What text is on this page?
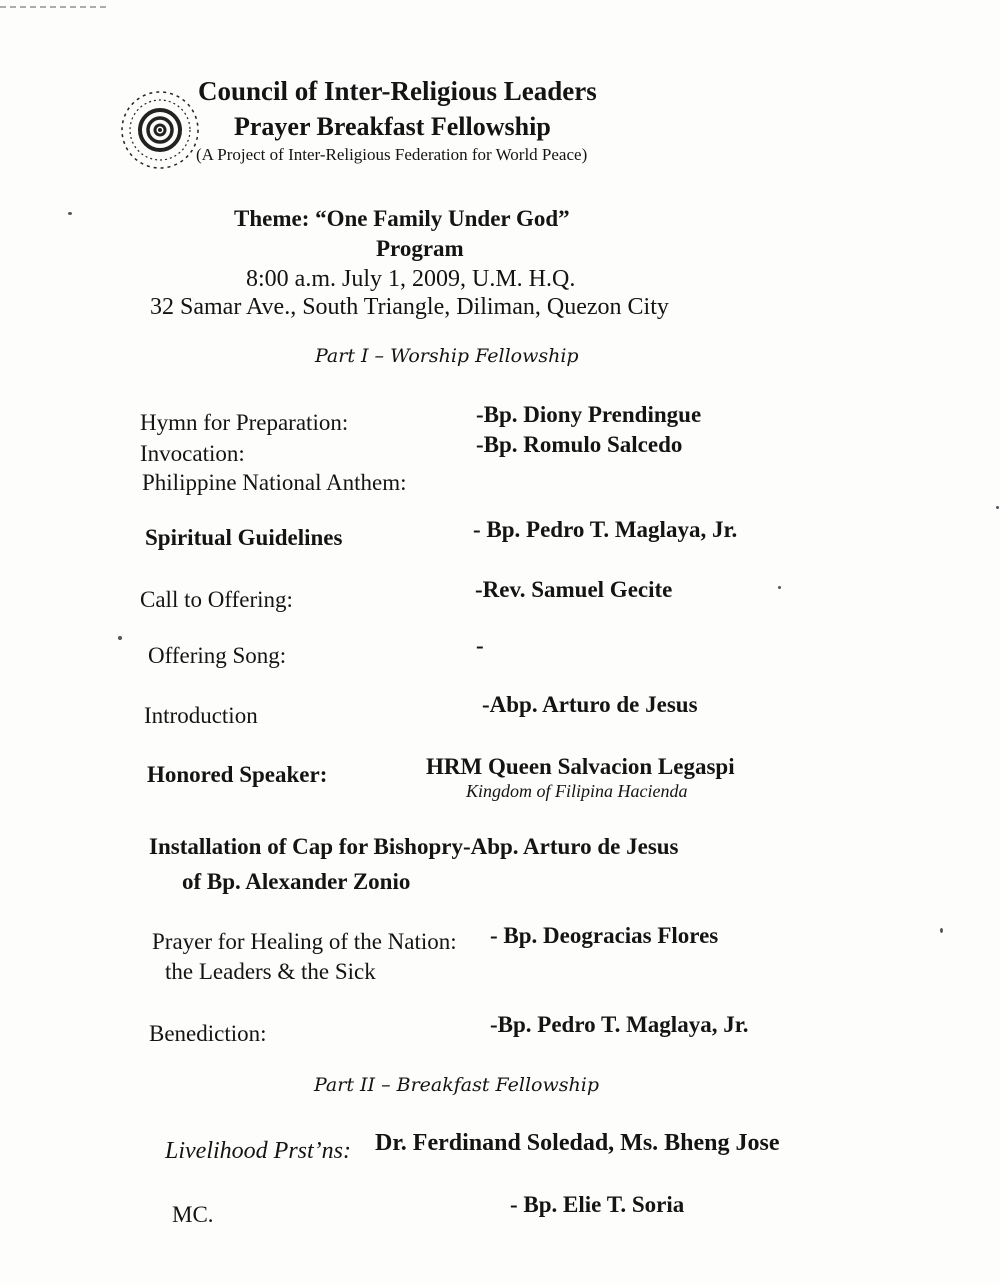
Council of Inter-Religious Leaders
Prayer Breakfast Fellowship
(A Project of Inter-Religious Federation for World Peace)
Theme: “One Family Under God”
Program
8:00 a.m. July 1, 2009, U.M. H.Q.
32 Samar Ave., South Triangle, Diliman, Quezon City
Part I – Worship Fellowship
Hymn for Preparation:	-Bp. Diony Prendingue
Invocation:	-Bp. Romulo Salcedo
Philippine National Anthem:
Spiritual Guidelines	- Bp. Pedro T. Maglaya, Jr.
Call to Offering:	-Rev. Samuel Gecite
Offering Song:	-
Introduction	-Abp. Arturo de Jesus
Honored Speaker:	HRM Queen Salvacion Legaspi
Kingdom of Filipina Hacienda
Installation of Cap for Bishopry-Abp. Arturo de Jesus
of Bp. Alexander Zonio
Prayer for Healing of the Nation: - Bp. Deogracias Flores
the Leaders & the Sick
Benediction:	-Bp. Pedro T. Maglaya, Jr.
Part II – Breakfast Fellowship
Livelihood Prst’ns: Dr. Ferdinand Soledad, Ms. Bheng Jose
MC.	- Bp. Elie T. Soria
